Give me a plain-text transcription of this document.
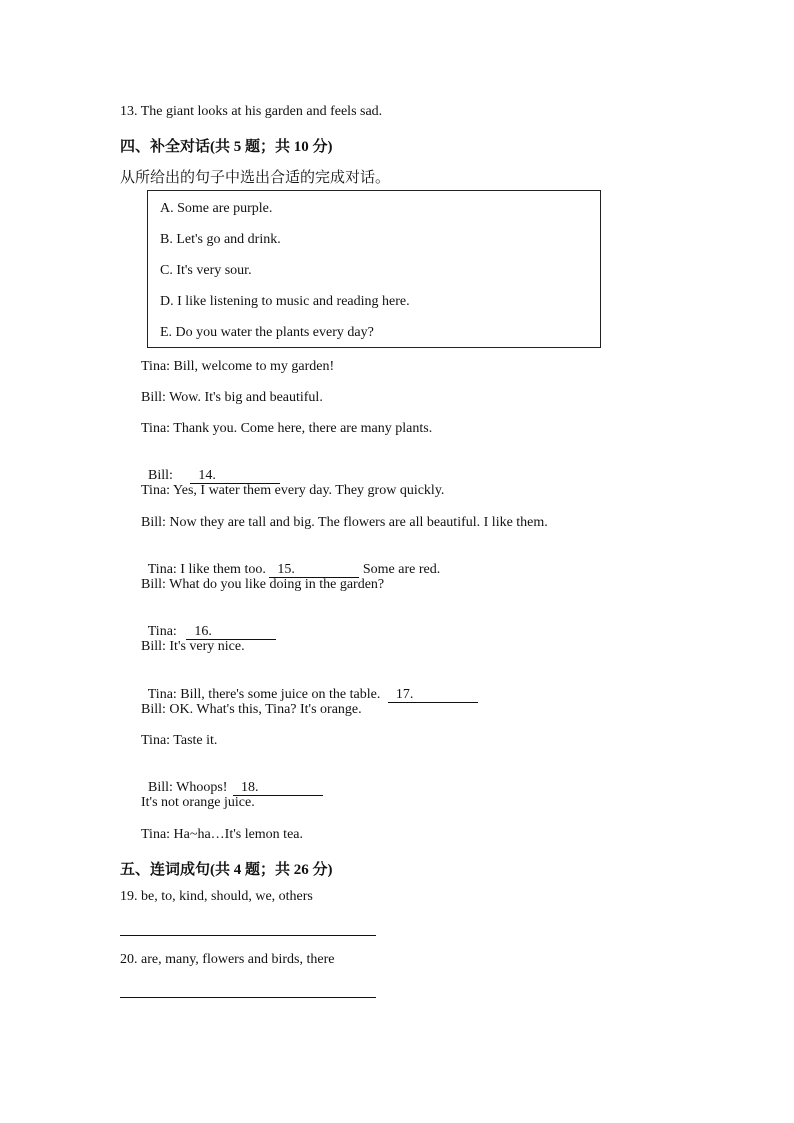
13. The giant looks at his garden and feels sad.
四、补全对话(共 5 题；共 10 分)
从所给出的句子中选出合适的完成对话。
A. Some are purple.
B. Let's go and drink.
C. It's very sour.
D. I like listening to music and reading here.
E. Do you water the plants every day?
Tina: Bill, welcome to my garden!
Bill: Wow. It's big and beautiful.
Tina: Thank you. Come here, there are many plants.

Bill: 14.

Tina: Yes, I water them every day. They grow quickly.
Bill: Now they are tall and big. The flowers are all beautiful. I like them.

Tina: I like them too. 15.	Some are red.

Bill: What do you like doing in the garden?

Tina: 16.

Bill: It's very nice.

Tina: Bill, there's some juice on the table. 17.

Bill: OK. What's this, Tina? It's orange.
Tina: Taste it.

Bill: Whoops! 18.

It's not orange juice.
Tina: Ha~ha…It's lemon tea.
五、连词成句(共 4 题；共 26 分)
19. be, to, kind, should, we, others
20. are, many, flowers and birds, there
